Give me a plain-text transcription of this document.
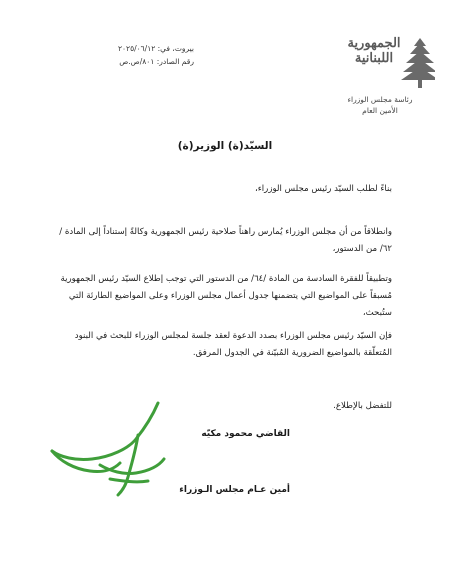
بيروت، في: ٢٠٢٥/٠٦/١٢
رقم الصادر: ٨٠١/ص.ص
الجمهورية اللبنانية
رئاسة مجلس الوزراء
الأمين العام
السيّد(ة) الوزير(ة)
بناءً لطلب السيّد رئيس مجلس الوزراء،
وانطلاقاً من أن مجلس الوزراء يُمارس راهناً صلاحية رئيس الجمهورية وكالةً إستناداً إلى المادة /٦٢/ من الدستور،
وتطبيقاً للفقرة السادسة من المادة /٦٤/ من الدستور التي توجب إطلاع السيّد رئيس الجمهورية مُسبقاً على المواضيع التي يتضمنها جدول أعمال مجلس الوزراء وعلى المواضيع الطارئة التي ستُبحث،
فإن السيّد رئيس مجلس الوزراء بصدد الدعوة لعقد جلسة لمجلس الوزراء للبحث في البنود المُتعلّقة بالمواضيع الضرورية المُبيّنة في الجدول المرفق.
للتفضل بالإطلاع.
القاضي محمود مكيّه
أمين عـام مجلس الـوزراء
